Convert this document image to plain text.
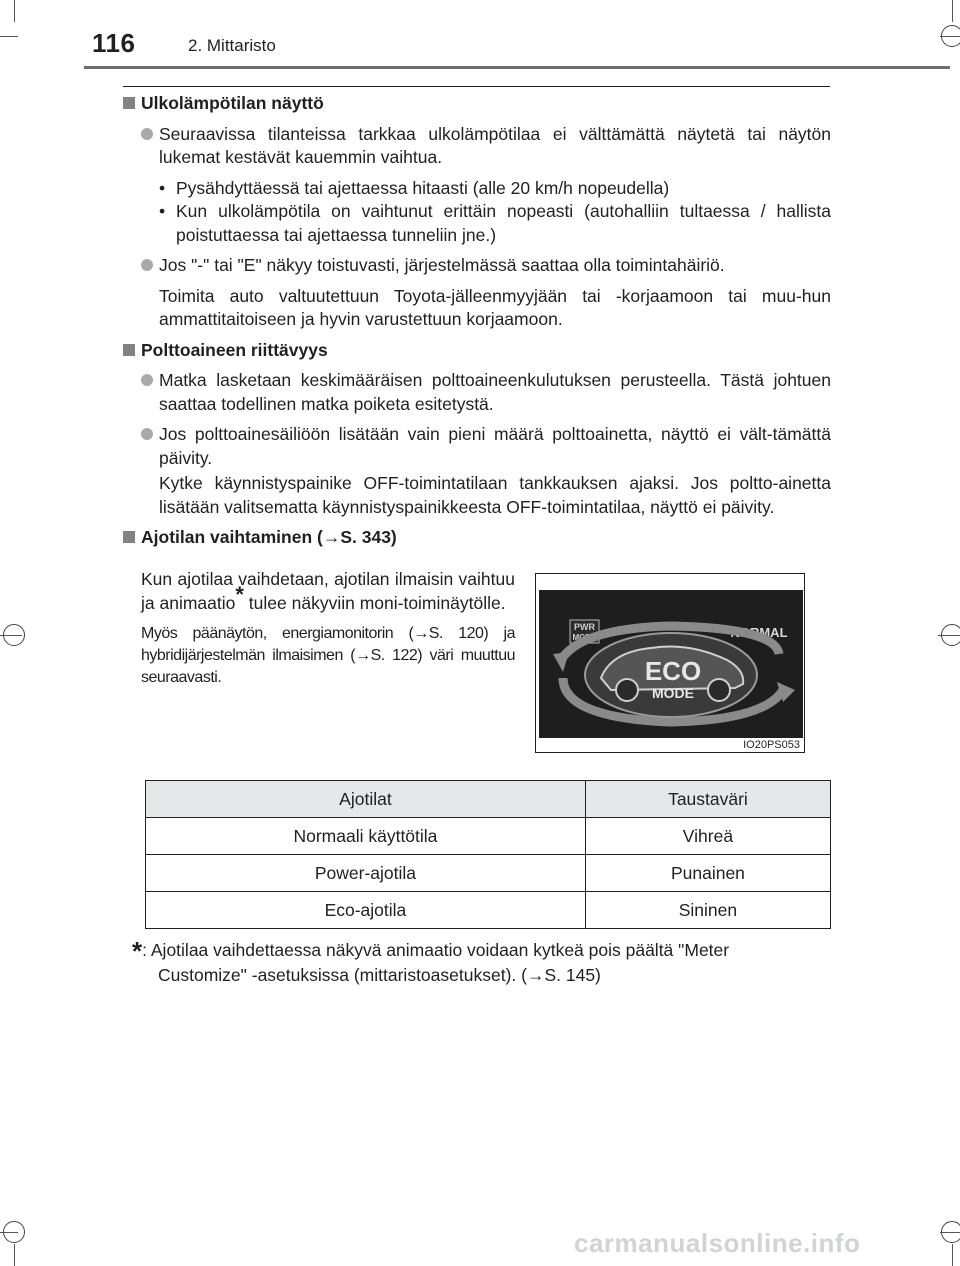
116	2. Mittaristo
Ulkolämpötilan näyttö
Seuraavissa tilanteissa tarkkaa ulkolämpötilaa ei välttämättä näytetä tai näytön lukemat kestävät kauemmin vaihtua.

• Pysähdyttäessä tai ajettaessa hitaasti (alle 20 km/h nopeudella)

• Kun ulkolämpötila on vaihtunut erittäin nopeasti (autohalliin tultaessa / hallista poistuttaessa tai ajettaessa tunneliin jne.)

Jos "-" tai "E" näkyy toistuvasti, järjestelmässä saattaa olla toimintahäiriö.
Toimita auto valtuutettuun Toyota-jälleenmyyjään tai -korjaamoon tai muu-hun ammattitaitoiseen ja hyvin varustettuun korjaamoon.
Polttoaineen riittävyys
Matka lasketaan keskimääräisen polttoaineenkulutuksen perusteella. Tästä johtuen saattaa todellinen matka poiketa esitetystä.
Jos polttoainesäiliöön lisätään vain pieni määrä polttoainetta, näyttö ei vält-tämättä päivity.
Kytke käynnistyspainike OFF-toimintatilaan tankkauksen ajaksi. Jos poltto-ainetta lisätään valitsematta käynnistyspainikkeesta OFF-toimintatilaa, näyttö ei päivity.
Ajotilan vaihtaminen (→S. 343)
Kun ajotilaa vaihdetaan, ajotilan ilmaisin vaihtuu ja animaatio* tulee näkyviin moni-toiminäytölle.
Myös päänäytön, energiamonitorin (→S. 120) ja hybridijärjestelmän ilmaisimen (→S. 122) väri muuttuu seuraavasti.
PWR
MODE	NORMAL
ECO
MODE
IO20PS053
Ajotilat	Taustaväri
Normaali käyttötila	Vihreä
Power-ajotila	Punainen
Eco-ajotila	Sininen
*: Ajotilaa vaihdettaessa näkyvä animaatio voidaan kytkeä pois päältä "Meter
Customize" -asetuksissa (mittaristoasetukset). (→S. 145)
carmanualsonline.info
